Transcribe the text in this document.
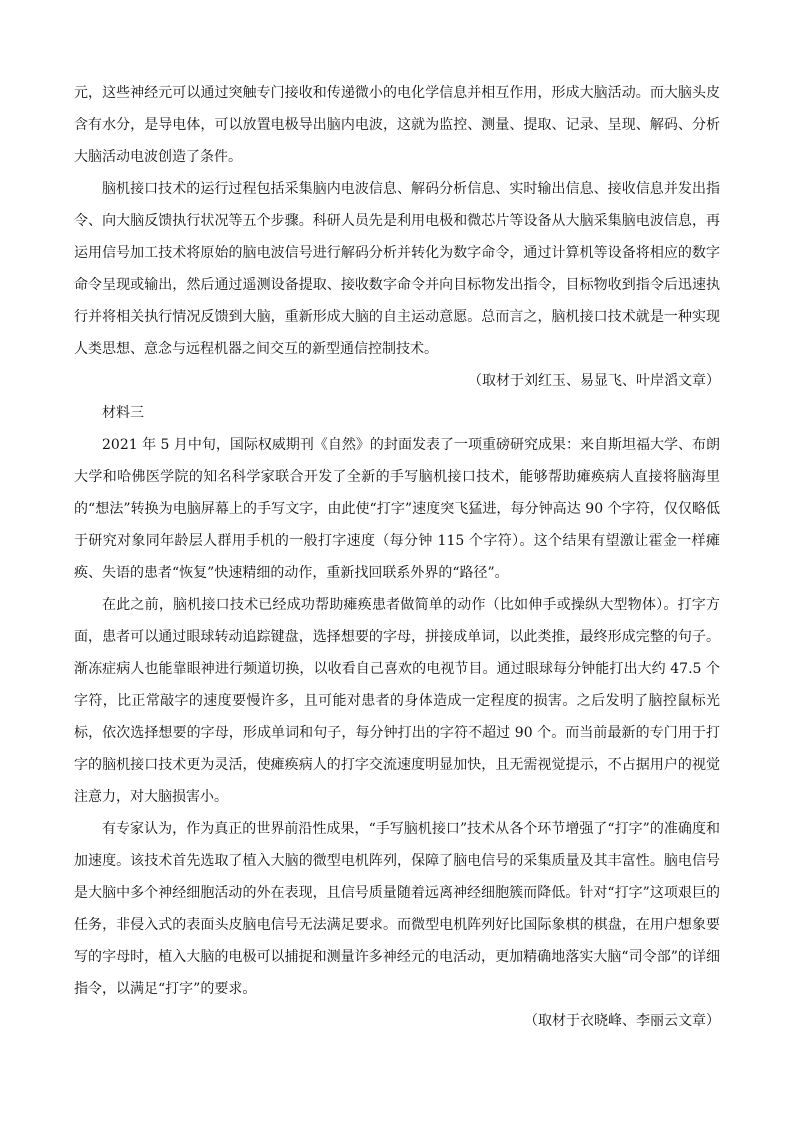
元，这些神经元可以通过突触专门接收和传递微小的电化学信息并相互作用，形成大脑活动。而大脑头皮含有水分，是导电体，可以放置电极导出脑内电波，这就为监控、测量、提取、记录、呈现、解码、分析大脑活动电波创造了条件。

脑机接口技术的运行过程包括采集脑内电波信息、解码分析信息、实时输出信息、接收信息并发出指令、向大脑反馈执行状况等五个步骤。科研人员先是利用电极和微芯片等设备从大脑采集脑电波信息，再运用信号加工技术将原始的脑电波信号进行解码分析并转化为数字命令，通过计算机等设备将相应的数字命令呈现或输出，然后通过遥测设备提取、接收数字命令并向目标物发出指令，目标物收到指令后迅速执行并将相关执行情况反馈到大脑，重新形成大脑的自主运动意愿。总而言之，脑机接口技术就是一种实现人类思想、意念与远程机器之间交互的新型通信控制技术。

（取材于刘红玉、易显飞、叶岸滔文章）

材料三

2021 年 5 月中旬，国际权威期刊《自然》的封面发表了一项重磅研究成果：来自斯坦福大学、布朗大学和哈佛医学院的知名科学家联合开发了全新的手写脑机接口技术，能够帮助瘫痪病人直接将脑海里的“想法”转换为电脑屏幕上的手写文字，由此使“打字”速度突飞猛进，每分钟高达 90 个字符，仅仅略低于研究对象同年龄层人群用手机的一般打字速度（每分钟 115 个字符）。这个结果有望激让霍金一样瘫痪、失语的患者“恢复”快速精细的动作，重新找回联系外界的“路径”。

在此之前，脑机接口技术已经成功帮助瘫痪患者做简单的动作（比如伸手或操纵大型物体）。打字方面，患者可以通过眼球转动追踪键盘，选择想要的字母，拼接成单词，以此类推，最终形成完整的句子。渐冻症病人也能靠眼神进行频道切换，以收看自己喜欢的电视节目。通过眼球每分钟能打出大约 47.5 个字符，比正常敲字的速度要慢许多，且可能对患者的身体造成一定程度的损害。之后发明了脑控鼠标光标，依次选择想要的字母，形成单词和句子，每分钟打出的字符不超过 90 个。而当前最新的专门用于打字的脑机接口技术更为灵活，使瘫痪病人的打字交流速度明显加快，且无需视觉提示，不占据用户的视觉注意力，对大脑损害小。

有专家认为，作为真正的世界前沿性成果，“手写脑机接口”技术从各个环节增强了“打字”的准确度和加速度。该技术首先选取了植入大脑的微型电机阵列，保障了脑电信号的采集质量及其丰富性。脑电信号是大脑中多个神经细胞活动的外在表现，且信号质量随着远离神经细胞簇而降低。针对“打字”这项艰巨的任务，非侵入式的表面头皮脑电信号无法满足要求。而微型电机阵列好比国际象棋的棋盘，在用户想象要写的字母时，植入大脑的电极可以捕捉和测量许多神经元的电活动，更加精确地落实大脑“司令部”的详细指令，以满足“打字”的要求。

（取材于衣晓峰、李丽云文章）
